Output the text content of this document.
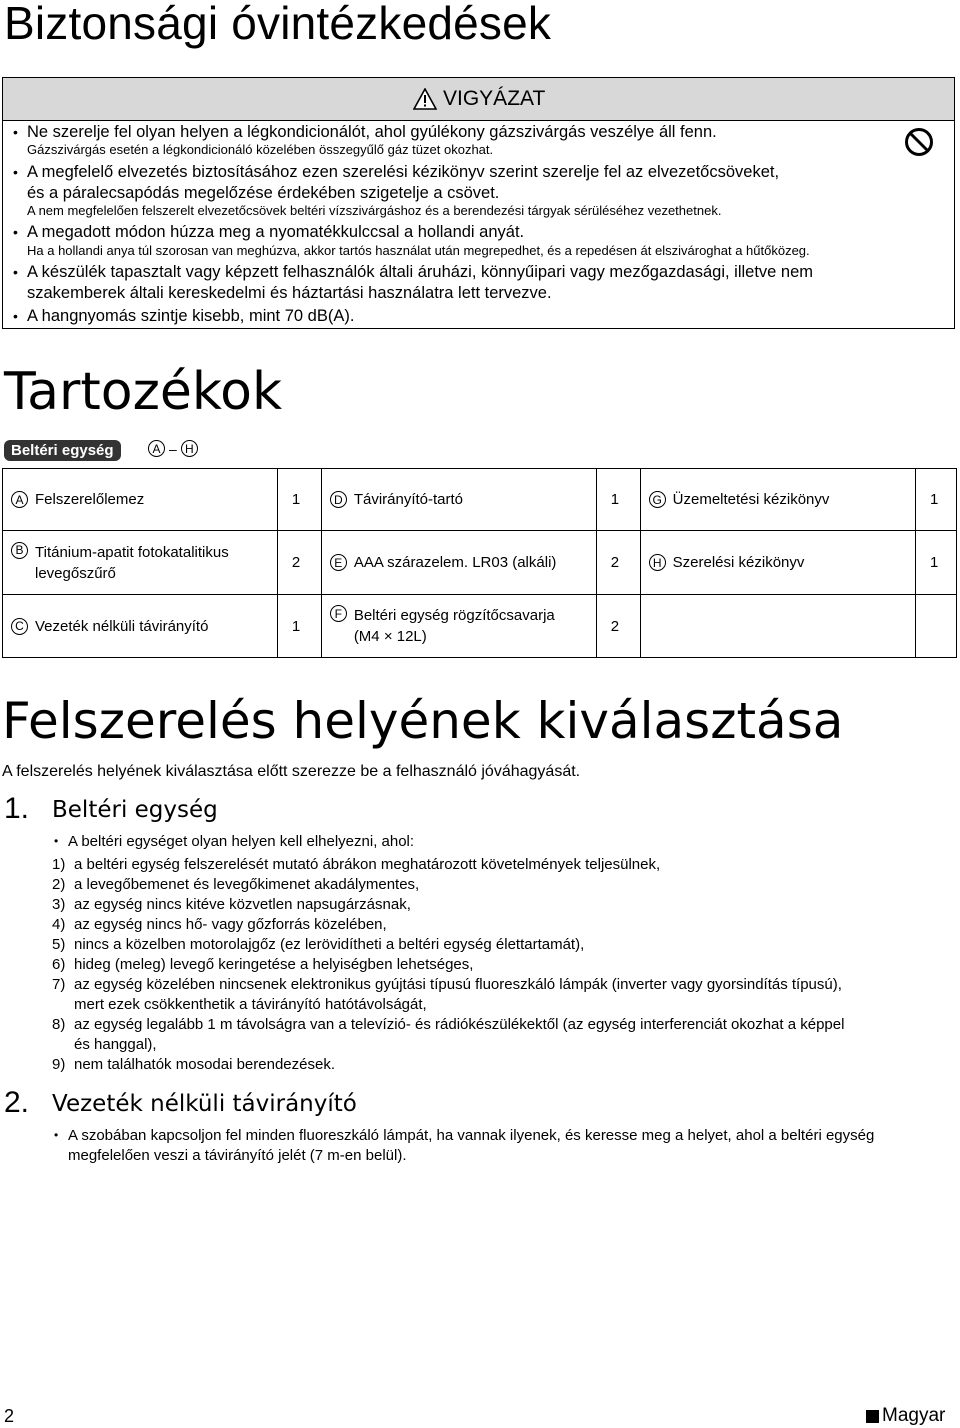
Biztonsági óvintézkedések
VIGYÁZAT
• Ne szerelje fel olyan helyen a légkondicionálót, ahol gyúlékony gázszivárgás veszélye áll fenn.
Gázszivárgás esetén a légkondicionáló közelében összegyűlő gáz tüzet okozhat.
• A megfelelő elvezetés biztosításához ezen szerelési kézikönyv szerint szerelje fel az elvezetőcsöveket,
és a páralecsapódás megelőzése érdekében szigetelje a csövet.
A nem megfelelően felszerelt elvezetőcsövek beltéri vízszivárgáshoz és a berendezési tárgyak sérüléséhez vezethetnek.
• A megadott módon húzza meg a nyomatékkulccsal a hollandi anyát.
Ha a hollandi anya túl szorosan van meghúzva, akkor tartós használat után megrepedhet, és a repedésen át elszivároghat a hűtőközeg.
• A készülék tapasztalt vagy képzett felhasználók általi áruházi, könnyűipari vagy mezőgazdasági, illetve nem
szakemberek általi kereskedelmi és háztartási használatra lett tervezve.
• A hangnyomás szintje kisebb, mint 70 dB(A).
Tartozékok
Beltéri egység	A – H
A Felszerelőlemez	1	D Távirányító-tartó	1	G Üzemeltetési kézikönyv	1

B Titánium-apatit fotokatalitikus levegőszűrő	2	E AAA szárazelem. LR03 (alkáli)	2	H Szerelési kézikönyv	1

C Vezeték nélküli távirányító	1	F Beltéri egység rögzítőcsavarja (M4 × 12L)	2		
Felszerelés helyének kiválasztása
A felszerelés helyének kiválasztása előtt szerezze be a felhasználó jóváhagyását.
1. Beltéri egység
• A beltéri egységet olyan helyen kell elhelyezni, ahol:
1) a beltéri egység felszerelését mutató ábrákon meghatározott követelmények teljesülnek,
2) a levegőbemenet és levegőkimenet akadálymentes,
3) az egység nincs kitéve közvetlen napsugárzásnak,
4) az egység nincs hő- vagy gőzforrás közelében,
5) nincs a közelben motorolajgőz (ez lerövidítheti a beltéri egység élettartamát),
6) hideg (meleg) levegő keringetése a helyiségben lehetséges,
7) az egység közelében nincsenek elektronikus gyújtási típusú fluoreszkáló lámpák (inverter vagy gyorsindítás típusú),
mert ezek csökkenthetik a távirányító hatótávolságát,
8) az egység legalább 1 m távolságra van a televízió- és rádiókészülékektől (az egység interferenciát okozhat a képpel
és hanggal),
9) nem találhatók mosodai berendezések.
2. Vezeték nélküli távirányító
• A szobában kapcsoljon fel minden fluoreszkáló lámpát, ha vannak ilyenek, és keresse meg a helyet, ahol a beltéri egység
megfelelően veszi a távirányító jelét (7 m-en belül).
2	Magyar
